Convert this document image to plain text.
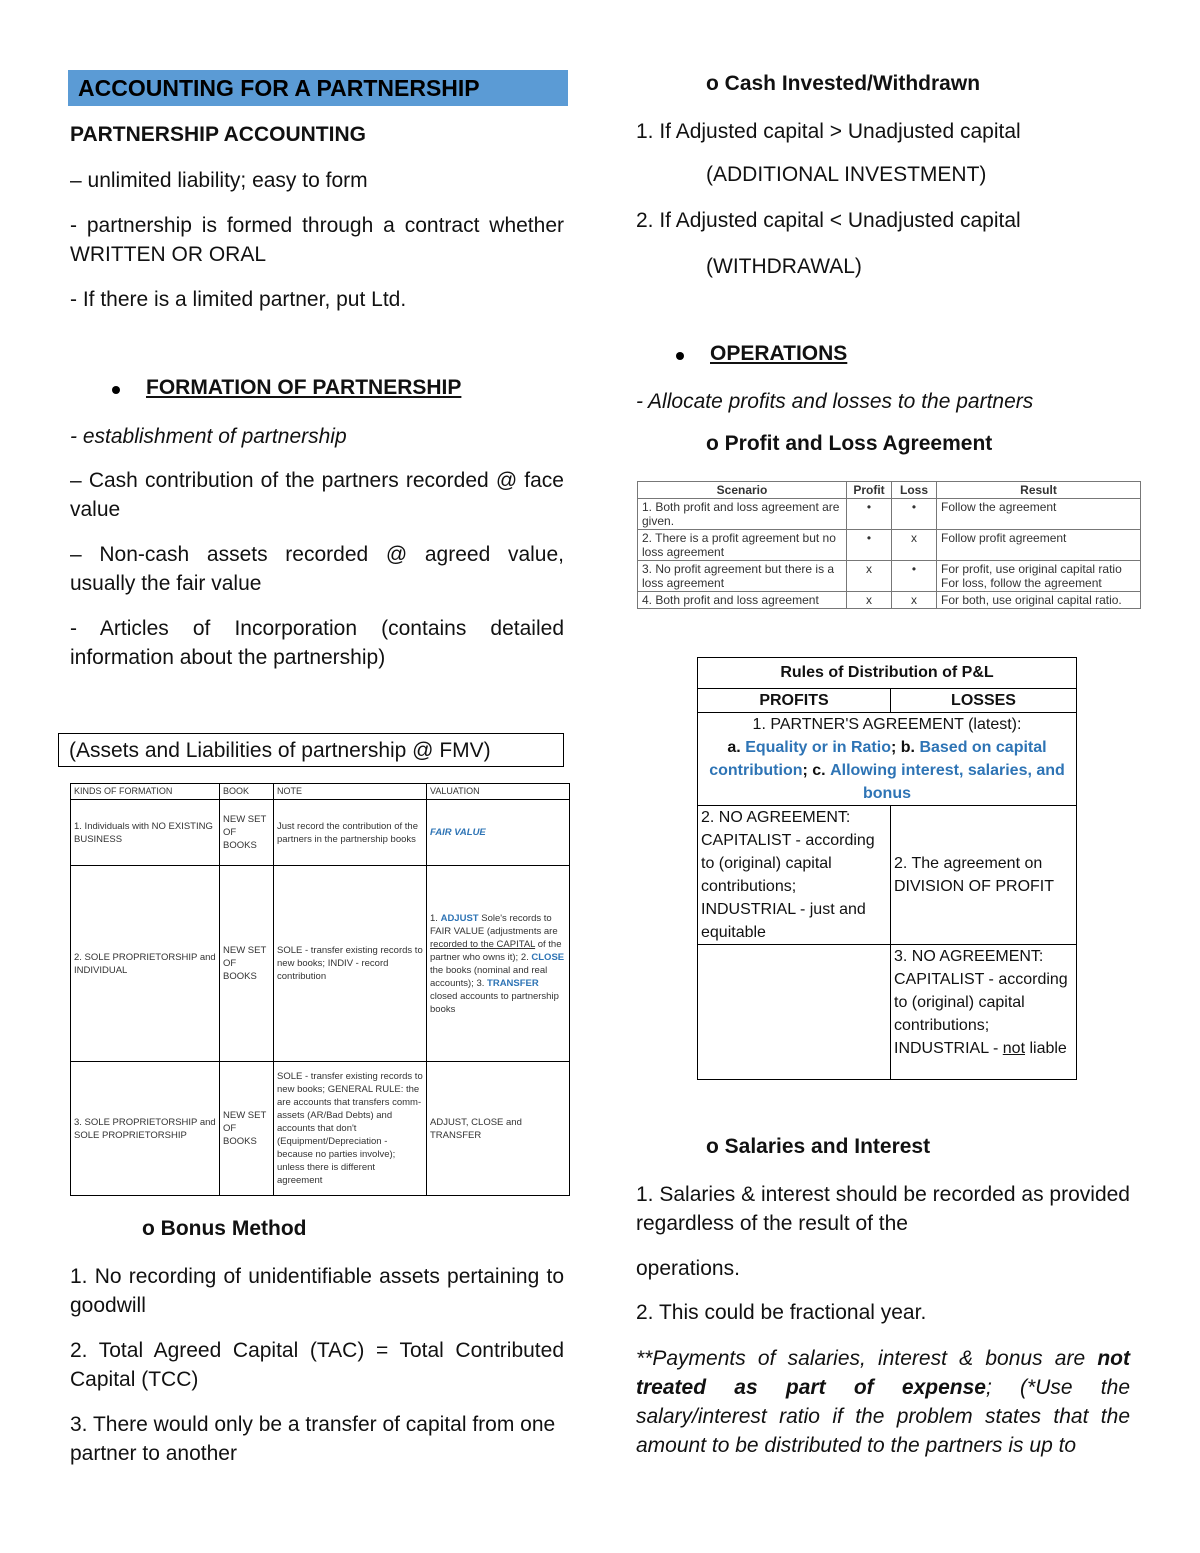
ACCOUNTING FOR A PARTNERSHIP
PARTNERSHIP ACCOUNTING
– unlimited liability; easy to form
- partnership is formed through a contract whether WRITTEN OR ORAL
- If there is a limited partner, put Ltd.
FORMATION OF PARTNERSHIP
- establishment of partnership
– Cash contribution of the partners recorded @ face value
– Non-cash assets recorded @ agreed value, usually the fair value
- Articles of Incorporation (contains detailed information about the partnership)
(Assets and Liabilities of partnership @ FMV)
KINDS OF FORMATION	BOOK	NOTE	VALUATION
1. Individuals with NO EXISTING BUSINESS	NEW SET OF BOOKS	Just record the contribution of the partners in the partnership books	FAIR VALUE
2. SOLE PROPRIETORSHIP and INDIVIDUAL	NEW SET OF BOOKS	SOLE - transfer existing records to new books; INDIV - record contribution	1. ADJUST Sole's records to FAIR VALUE (adjustments are recorded to the CAPITAL of the partner who owns it); 2. CLOSE the books (nominal and real accounts); 3. TRANSFER closed accounts to partnership books
3. SOLE PROPRIETORSHIP and SOLE PROPRIETORSHIP	NEW SET OF BOOKS	SOLE - transfer existing records to new books; GENERAL RULE: the are accounts that transfers comm-assets (AR/Bad Debts) and accounts that don't (Equipment/Depreciation - because no parties involve); unless there is different agreement	ADJUST, CLOSE and TRANSFER
o Bonus Method
1. No recording of unidentifiable assets pertaining to goodwill
2. Total Agreed Capital (TAC) = Total Contributed Capital (TCC)
3. There would only be a transfer of capital from one partner to another
o Cash Invested/Withdrawn
1. If Adjusted capital > Unadjusted capital
(ADDITIONAL INVESTMENT)
2. If Adjusted capital < Unadjusted capital
(WITHDRAWAL)
OPERATIONS
- Allocate profits and losses to the partners
o Profit and Loss Agreement
Scenario	Profit	Loss	Result
1. Both profit and loss agreement are given.	•	•	Follow the agreement
2. There is a profit agreement but no loss agreement	•	x	Follow profit agreement
3. No profit agreement but there is a loss agreement	x	•	For profit, use original capital ratio
For loss, follow the agreement

4. Both profit and loss agreement	x	x	For both, use original capital ratio.
Rules of Distribution of P&L	
PROFITS	LOSSES

1. PARTNER'S AGREEMENT (latest):
a. Equality or in Ratio; b. Based on capital contribution; c. Allowing interest, salaries, and bonus	

2. NO AGREEMENT: CAPITALIST - according to (original) capital contributions; INDUSTRIAL - just and equitable	2. The agreement on DIVISION OF PROFIT
	3. NO AGREEMENT: CAPITALIST - according to (original) capital contributions; INDUSTRIAL - not liable
o Salaries and Interest
1. Salaries & interest should be recorded as provided regardless of the result of the
operations.
2. This could be fractional year.
**Payments of salaries, interest & bonus are not treated as part of expense; (*Use the salary/interest ratio if the problem states that the amount to be distributed to the partners is up to
